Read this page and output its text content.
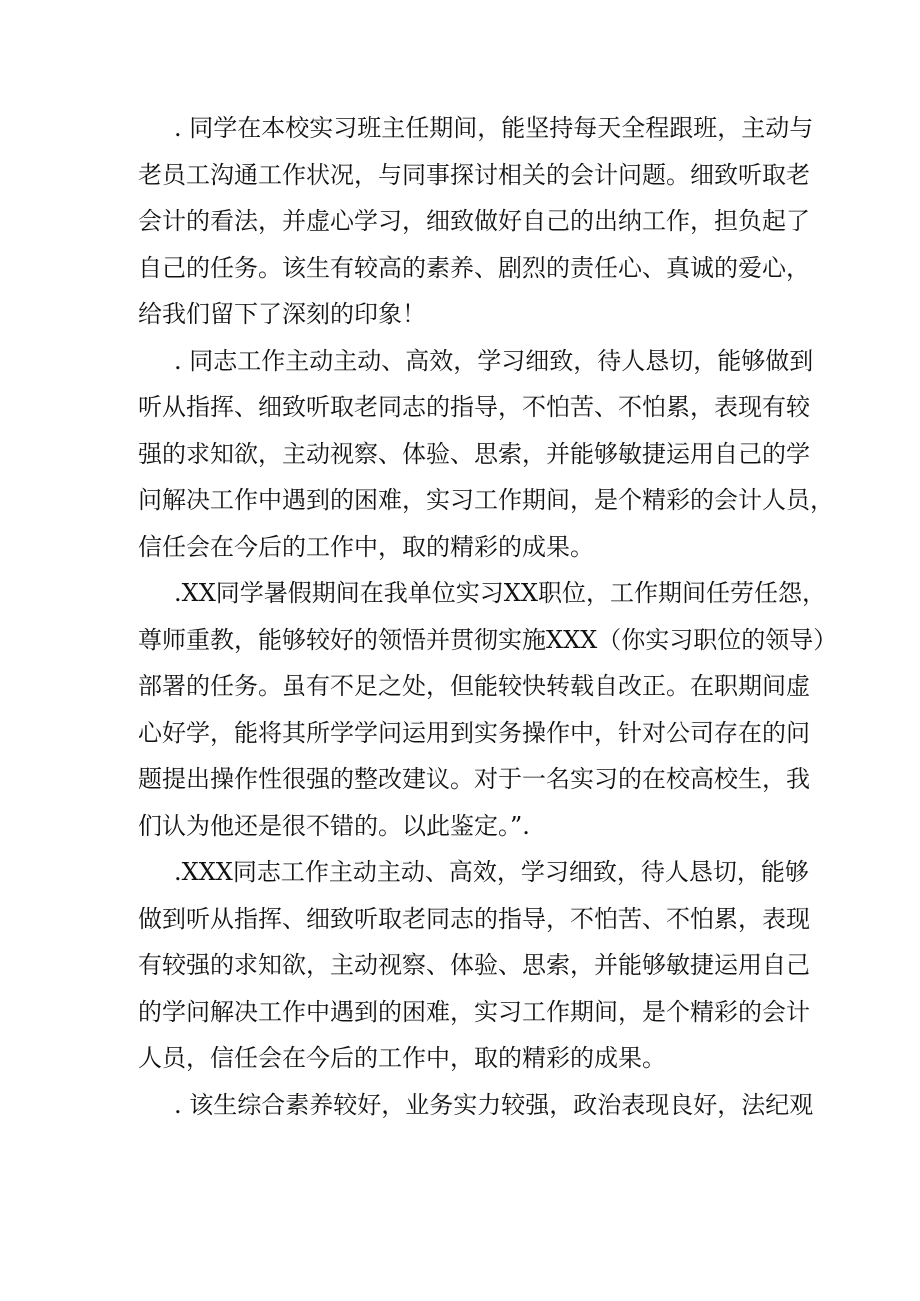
. 同学在本校实习班主任期间，能坚持每天全程跟班，主动与
老员工沟通工作状况，与同事探讨相关的会计问题。细致听取老
会计的看法，并虚心学习，细致做好自己的出纳工作，担负起了
自己的任务。该生有较高的素养、剧烈的责任心、真诚的爱心，
给我们留下了深刻的印象！
. 同志工作主动主动、高效，学习细致，待人恳切，能够做到
听从指挥、细致听取老同志的指导，不怕苦、不怕累，表现有较
强的求知欲，主动视察、体验、思索，并能够敏捷运用自己的学
问解决工作中遇到的困难，实习工作期间，是个精彩的会计人员，
信任会在今后的工作中，取的精彩的成果。
.XX同学暑假期间在我单位实习XX职位，工作期间任劳任怨，
尊师重教，能够较好的领悟并贯彻实施XXX（你实习职位的领导）
部署的任务。虽有不足之处，但能较快转载自改正。在职期间虚
心好学，能将其所学学问运用到实务操作中，针对公司存在的问
题提出操作性很强的整改建议。对于一名实习的在校高校生，我
们认为他还是很不错的。以此鉴定。”.
.XXX同志工作主动主动、高效，学习细致，待人恳切，能够
做到听从指挥、细致听取老同志的指导，不怕苦、不怕累，表现
有较强的求知欲，主动视察、体验、思索，并能够敏捷运用自己
的学问解决工作中遇到的困难，实习工作期间，是个精彩的会计
人员，信任会在今后的工作中，取的精彩的成果。
. 该生综合素养较好，业务实力较强，政治表现良好，法纪观
